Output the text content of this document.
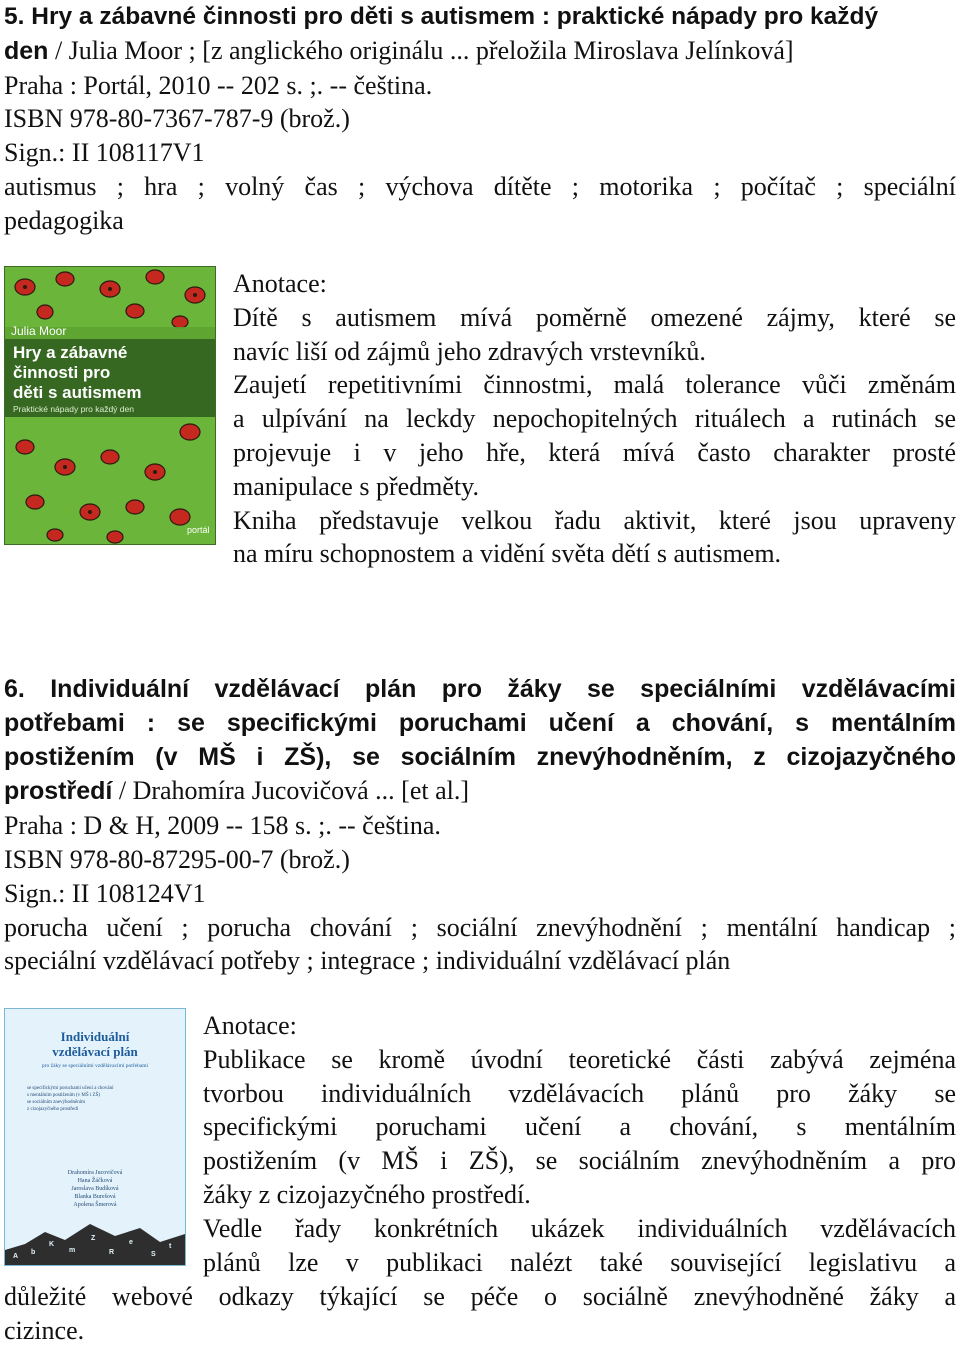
5. Hry a zábavné činnosti pro děti s autismem : praktické nápady pro každý

den / Julia Moor ; [z anglického originálu ... přeložila Miroslava Jelínková]

Praha : Portál, 2010 -- 202 s. ;. -- čeština.

ISBN 978-80-7367-787-9 (brož.)

Sign.: II 108117V1

autismus ; hra ; volný čas ; výchova dítěte ; motorika ; počítač ; speciální

pedagogika

Anotace:

Dítě s autismem mívá poměrně omezené zájmy, které se

navíc liší od zájmů jeho zdravých vrstevníků.

Zaujetí repetitivními činnostmi, malá tolerance vůči změnám

a ulpívání na leckdy nepochopitelných rituálech a rutinách se

projevuje i v jeho hře, která mívá často charakter prosté

manipulace s předměty.

Kniha představuje velkou řadu aktivit, které jsou upraveny

na míru schopnostem a vidění světa dětí s autismem.

6. Individuální vzdělávací plán pro žáky se speciálními vzdělávacími

potřebami : se specifickými poruchami učení a chování, s mentálním

postižením (v MŠ i ZŠ), se sociálním znevýhodněním, z cizojazyčného

prostředí / Drahomíra Jucovičová ... [et al.]

Praha : D & H, 2009 -- 158 s. ;. -- čeština.

ISBN 978-80-87295-00-7 (brož.)

Sign.: II 108124V1

porucha učení ; porucha chování ; sociální znevýhodnění ; mentální handicap ;

speciální vzdělávací potřeby ; integrace ; individuální vzdělávací plán

Anotace:

Publikace se kromě úvodní teoretické části zabývá zejména

tvorbou individuálních vzdělávacích plánů pro žáky se

specifickými poruchami učení a chování, s mentálním

postižením (v MŠ i ZŠ), se sociálním znevýhodněním a pro

žáky z cizojazyčného prostředí.

Vedle řady konkrétních ukázek individuálních vzdělávacích

plánů lze v publikaci nalézt také související legislativu a

důležité webové odkazy týkající se péče o sociálně znevýhodněné žáky a

cizince.

Julia Moor
Hry a zábavné
činnosti pro
děti s autismem
Praktické nápady pro každý den
portál
Individuální
vzdělávací plán
pro žáky se speciálními vzdělávacími potřebami
se specifickými poruchami učení a chování
s mentálním postižením (v MŠ i ZŠ)
se sociálním znevýhodněním
z cizojazyčného prostředí
Drahomíra Jucovičová
Hana Žáčková
Jaroslava Budíková
Blanka Burešová
Apolena Šmerová
A
b
K
m
Z
R
e
S
t
